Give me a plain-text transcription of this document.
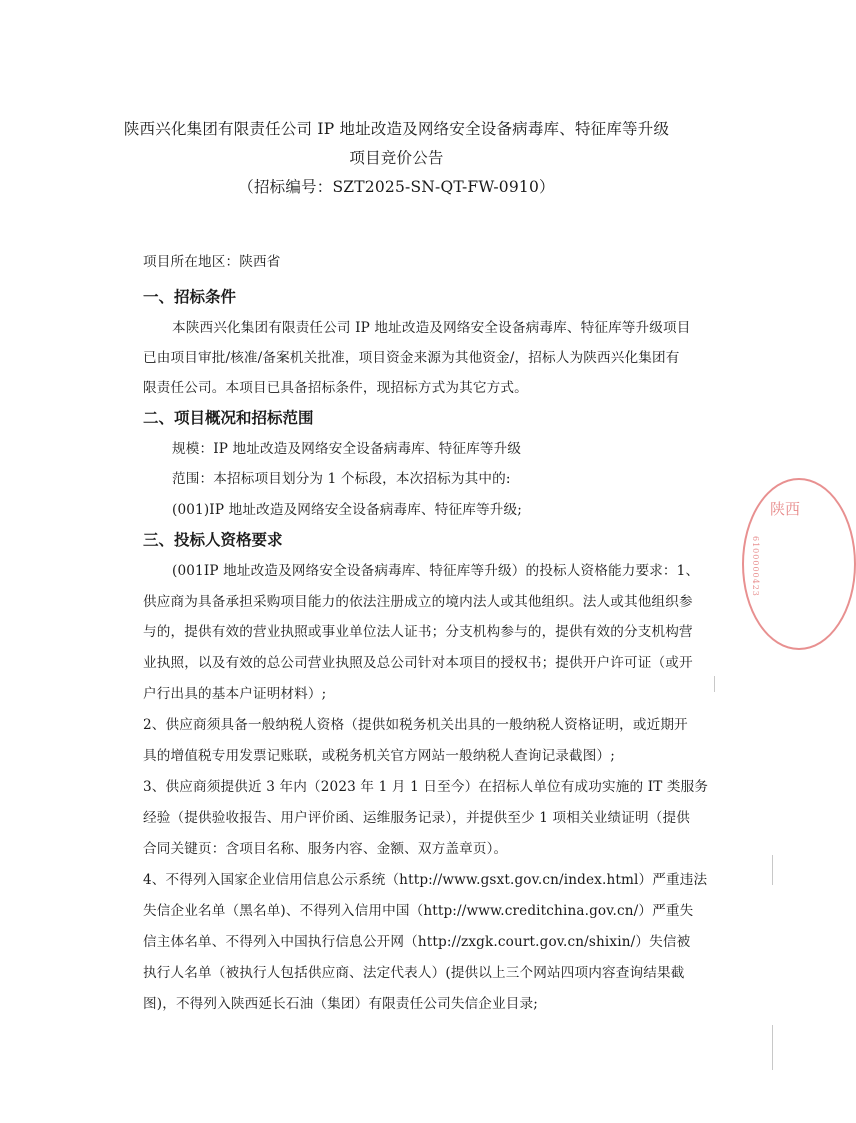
陕西兴化集团有限责任公司 IP 地址改造及网络安全设备病毒库、特征库等升级
项目竞价公告
（招标编号：SZT2025-SN-QT-FW-0910）
项目所在地区：陕西省
一、招标条件
本陕西兴化集团有限责任公司 IP 地址改造及网络安全设备病毒库、特征库等升级项目
已由项目审批/核准/备案机关批准，项目资金来源为其他资金/，招标人为陕西兴化集团有
限责任公司。本项目已具备招标条件，现招标方式为其它方式。
二、项目概况和招标范围
规模：IP 地址改造及网络安全设备病毒库、特征库等升级
范围：本招标项目划分为 1 个标段，本次招标为其中的:
(001)IP 地址改造及网络安全设备病毒库、特征库等升级;
三、投标人资格要求
(001IP 地址改造及网络安全设备病毒库、特征库等升级）的投标人资格能力要求：1、
供应商为具备承担采购项目能力的依法注册成立的境内法人或其他组织。法人或其他组织参
与的，提供有效的营业执照或事业单位法人证书；分支机构参与的，提供有效的分支机构营
业执照，以及有效的总公司营业执照及总公司针对本项目的授权书；提供开户许可证（或开
户行出具的基本户证明材料）;
2、供应商须具备一般纳税人资格（提供如税务机关出具的一般纳税人资格证明，或近期开
具的增值税专用发票记账联，或税务机关官方网站一般纳税人查询记录截图）;
3、供应商须提供近 3 年内（2023 年 1 月 1 日至今）在招标人单位有成功实施的 IT 类服务
经验（提供验收报告、用户评价函、运维服务记录），并提供至少 1 项相关业绩证明（提供
合同关键页：含项目名称、服务内容、金额、双方盖章页）。
4、不得列入国家企业信用信息公示系统（http://www.gsxt.gov.cn/index.html）严重违法
失信企业名单（黑名单)、不得列入信用中国（http://www.creditchina.gov.cn/）严重失
信主体名单、不得列入中国执行信息公开网（http://zxgk.court.gov.cn/shixin/）失信被
执行人名单（被执行人包括供应商、法定代表人）(提供以上三个网站四项内容查询结果截
图)，不得列入陕西延长石油（集团）有限责任公司失信企业目录;
陕西
6100000423
